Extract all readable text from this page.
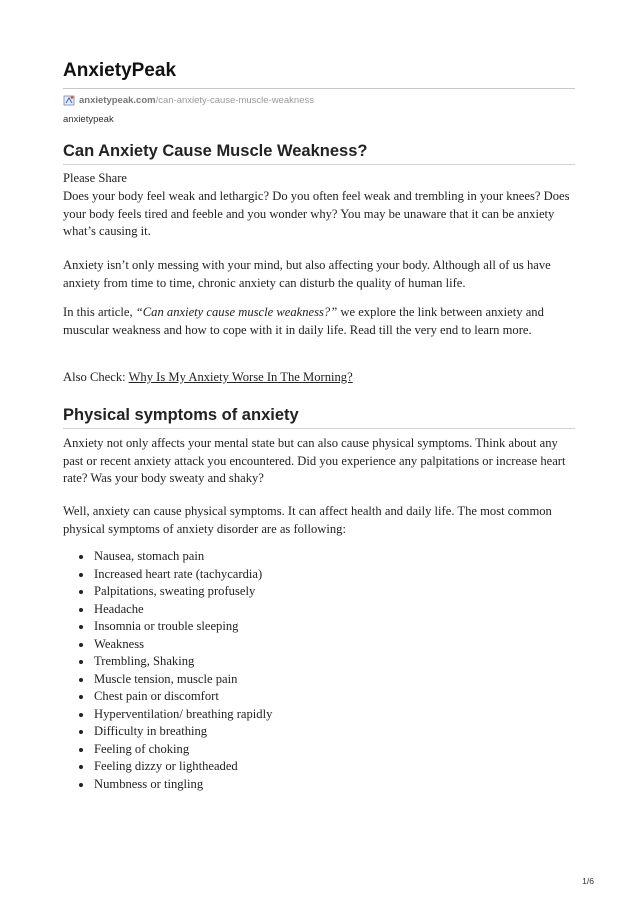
AnxietyPeak
anxietypeak.com /can-anxiety-cause-muscle-weakness
anxietypeak
Can Anxiety Cause Muscle Weakness?

Please Share

Does your body feel weak and lethargic? Do you often feel weak and trembling in your knees? Does your body feels tired and feeble and you wonder why? You may be unaware that it can be anxiety what’s causing it.

Anxiety isn’t only messing with your mind, but also affecting your body. Although all of us have anxiety from time to time, chronic anxiety can disturb the quality of human life.

In this article, “Can anxiety cause muscle weakness?” we explore the link between anxiety and muscular weakness and how to cope with it in daily life. Read till the very end to learn more.

Also Check: Why Is My Anxiety Worse In The Morning?

Physical symptoms of anxiety

Anxiety not only affects your mental state but can also cause physical symptoms. Think about any past or recent anxiety attack you encountered. Did you experience any palpitations or increase heart rate? Was your body sweaty and shaky?

Well, anxiety can cause physical symptoms. It can affect health and daily life. The most common physical symptoms of anxiety disorder are as following:

Nausea, stomach pain
Increased heart rate (tachycardia)
Palpitations, sweating profusely
Headache
Insomnia or trouble sleeping
Weakness
Trembling, Shaking
Muscle tension, muscle pain
Chest pain or discomfort
Hyperventilation/ breathing rapidly
Difficulty in breathing
Feeling of choking
Feeling dizzy or lightheaded
Numbness or tingling
1/6
